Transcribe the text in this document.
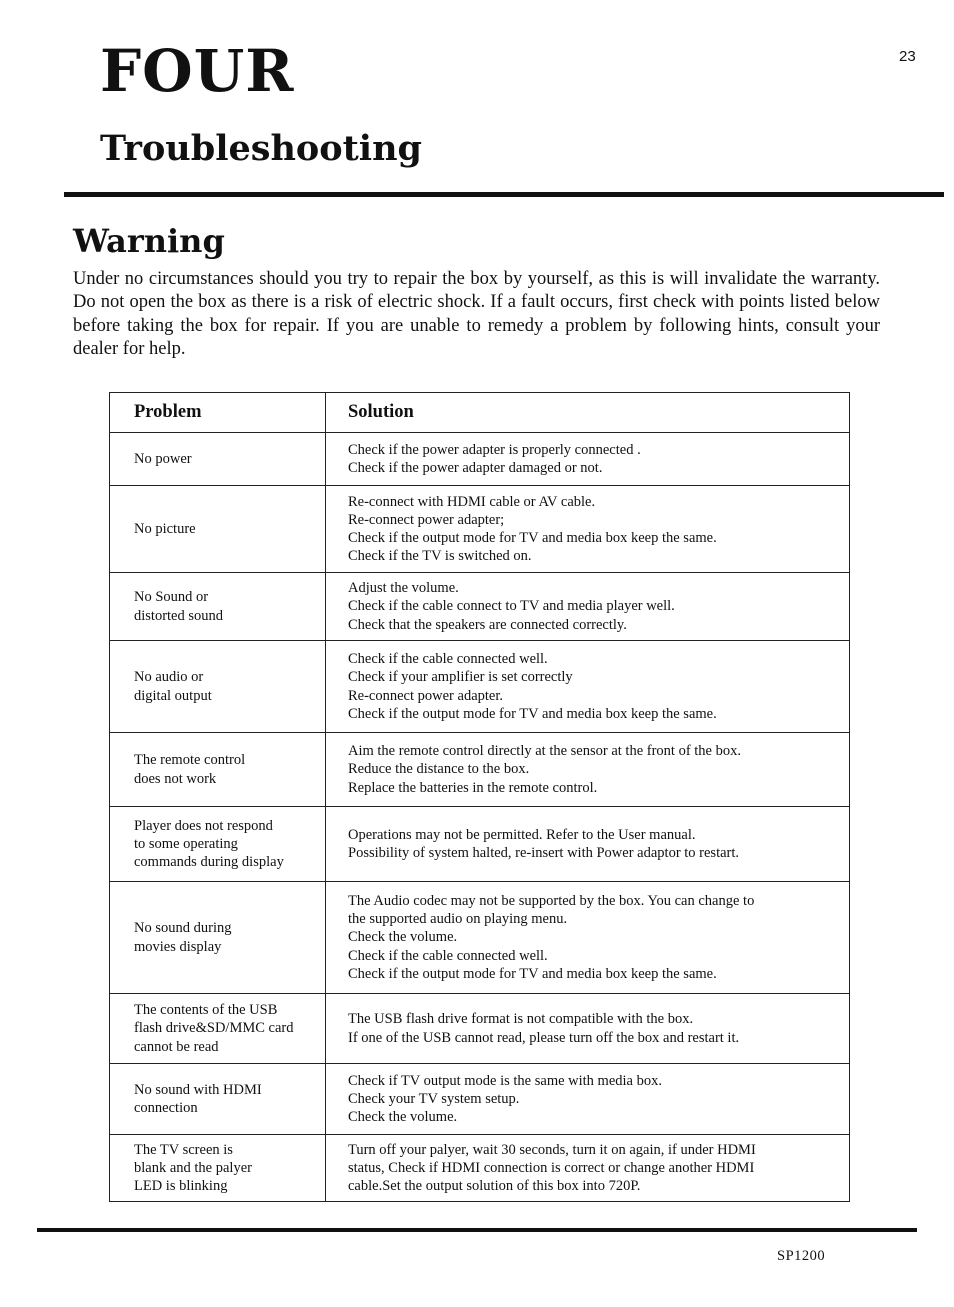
FOUR	23
Troubleshooting
Warning
Under no circumstances should you try to repair the box by yourself, as this is will invalidate the warranty. Do not open the box as there is a risk of electric shock. If a fault occurs, first check with points listed below before taking the box for repair. If you are unable to remedy a problem by following hints, consult your dealer for help.
Problem	Solution

No power	Check if the power adapter is properly connected .
Check if the power adapter damaged or not.

No picture	Re-connect with HDMI cable or AV cable.
Re-connect power adapter;
Check if the output mode for TV and media box keep the same.
Check if the TV is switched on.

No Sound or
distorted sound	Adjust the volume.
Check if the cable connect to TV and media player well.
Check that the speakers are connected correctly.

No audio or
digital output	Check if the cable connected well.
Check if your amplifier is set correctly
Re-connect power adapter.
Check if the output mode for TV and media box keep the same.

The remote control
does not work	Aim the remote control directly at the sensor at the front of the box.
Reduce the distance to the box.
Replace the batteries in the remote control.

Player does not respond
to some operating
commands during display	Operations may not be permitted. Refer to the User manual.
Possibility of system halted, re-insert with Power adaptor to restart.

No sound during
movies display	The Audio codec may not be supported by the box. You can change to
the supported audio on playing menu.
Check the volume.
Check if the cable connected well.
Check if the output mode for TV and media box keep the same.

The contents of the USB
flash drive&SD/MMC card
cannot be read	The USB flash drive format is not compatible with the box.
If one of the USB cannot read, please turn off the box and restart it.

No sound with HDMI
connection	Check if TV output mode is the same with media box.
Check your TV system setup.
Check the volume.

The TV screen is
blank and the palyer
LED is blinking	Turn off your palyer, wait 30 seconds, turn it on again, if under HDMI
status, Check if HDMI connection is correct or change another HDMI
cable.Set the output solution of this box into 720P.
SP1200
